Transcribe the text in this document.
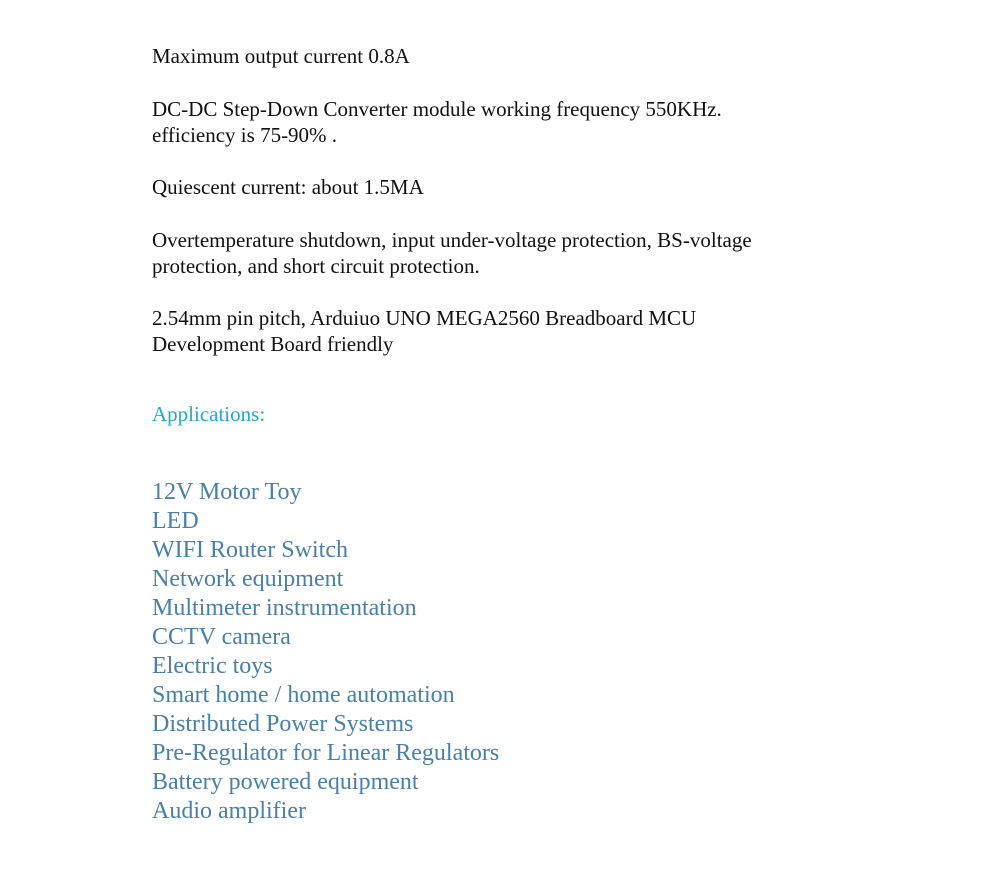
Maximum output current 0.8A

DC-DC Step-Down Converter module working frequency 550KHz.
efficiency is 75-90% .

Quiescent current: about 1.5MA

Overtemperature shutdown, input under-voltage protection, BS-voltage
protection, and short circuit protection.

2.54mm pin pitch, Arduiuo UNO MEGA2560 Breadboard MCU
Development Board friendly

Applications:
12V Motor Toy
LED
WIFI Router Switch
Network equipment
Multimeter instrumentation
CCTV camera
Electric toys
Smart home / home automation
Distributed Power Systems
Pre-Regulator for Linear Regulators
Battery powered equipment
Audio amplifier
